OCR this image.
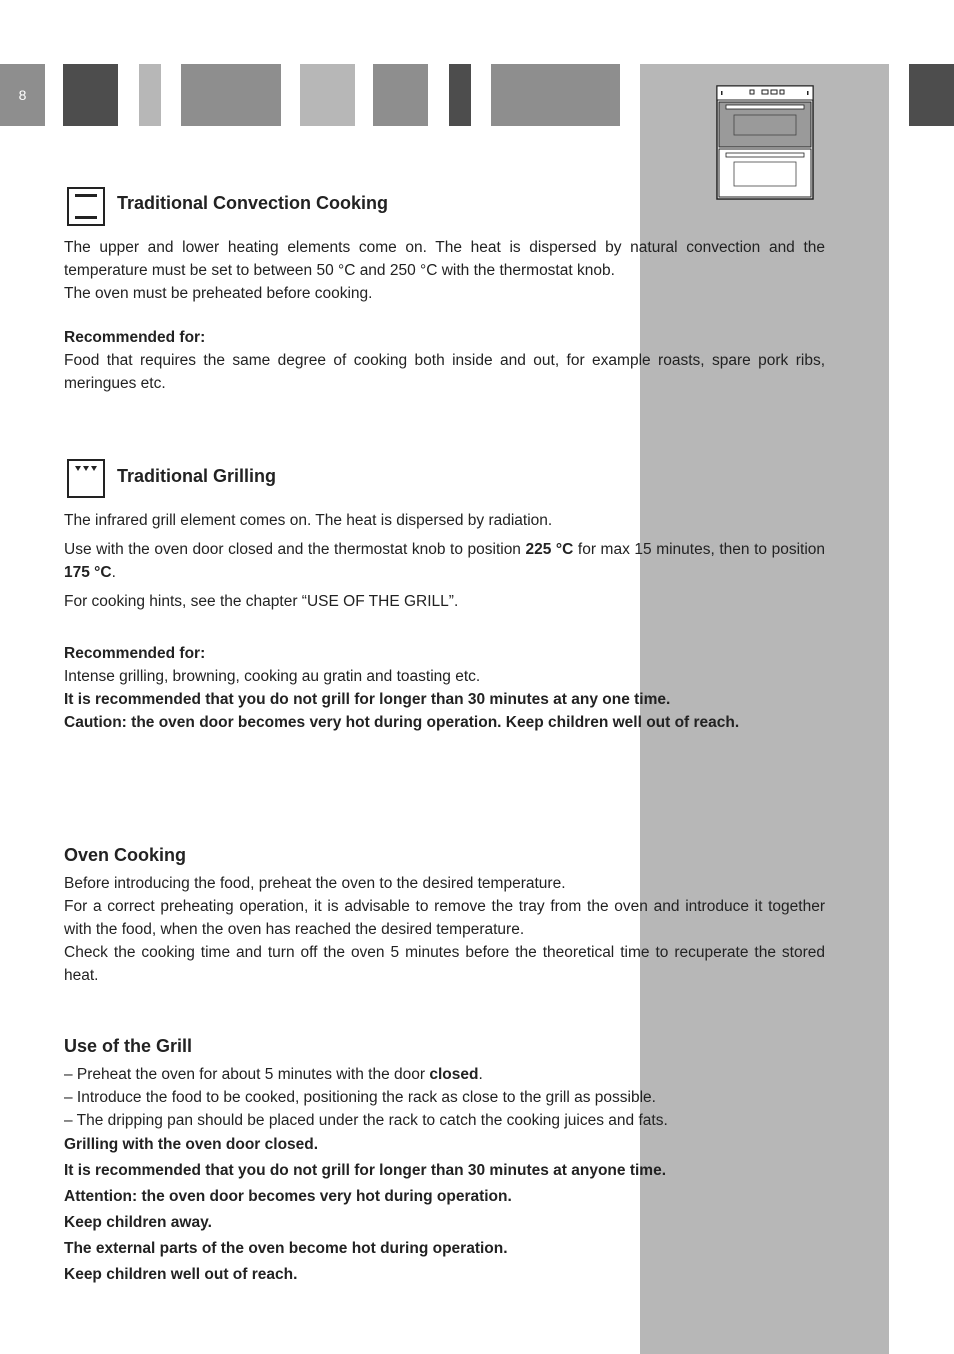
8
Traditional Convection Cooking

The upper and lower heating elements come on. The heat is dispersed by natural convection and the temperature must be set to between 50 °C and 250 °C with the thermostat knob.

The oven must be preheated before cooking.

Recommended for:

Food that requires the same degree of cooking both inside and out, for example roasts, spare pork ribs, meringues etc.

Traditional Grilling

The infrared grill element comes on. The heat is dispersed by radiation.

Use with the oven door closed and the thermostat knob to position 225 °C for max 15 minutes, then to position 175 °C.

For cooking hints, see the chapter “USE OF THE GRILL”.

Recommended for:

Intense grilling, browning, cooking au gratin and toasting etc.

It is recommended that you do not grill for longer than 30 minutes at any one time.

Caution: the oven door becomes very hot during operation. Keep children well out of reach.

Oven Cooking

Before introducing the food, preheat the oven to the desired temperature.

For a correct preheating operation, it is advisable to remove the tray from the oven and introduce it together with the food, when the oven has reached the desired temperature.

Check the cooking time and turn off the oven 5 minutes before the theoretical time to recuperate the stored heat.

Use of the Grill

– Preheat the oven for about 5 minutes with the door closed.

– Introduce the food to be cooked, positioning the rack as close to the grill as possible.

– The dripping pan should be placed under the rack to catch the cooking juices and fats.

Grilling with the oven door closed.

It is recommended that you do not grill for longer than 30 minutes at anyone time.

Attention: the oven door becomes very hot during operation.

Keep children away.

The external parts of the oven become hot during operation.

Keep children well out of reach.
